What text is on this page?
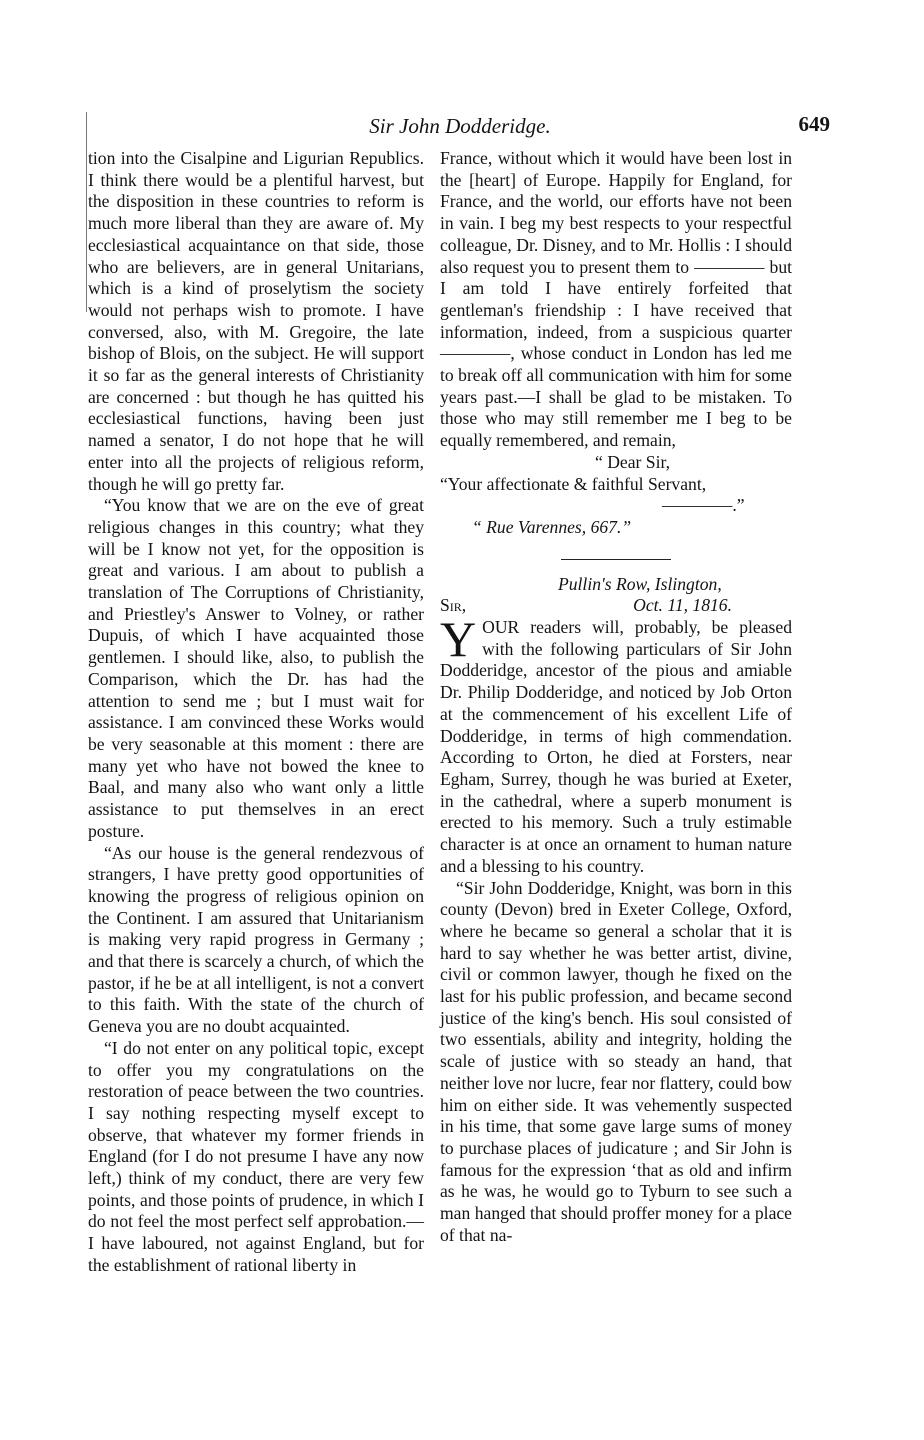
Sir John Dodderidge.	649

tion into the Cisalpine and Ligurian Republics. I think there would be a plentiful harvest, but the disposition in these countries to reform is much more liberal than they are aware of. My ecclesiastical acquaintance on that side, those who are believers, are in general Unitarians, which is a kind of proselytism the society would not perhaps wish to promote. I have conversed, also, with M. Gregoire, the late bishop of Blois, on the subject. He will support it so far as the general interests of Christianity are concerned : but though he has quitted his ecclesiastical functions, having been just named a senator, I do not hope that he will enter into all the projects of religious reform, though he will go pretty far.

“You know that we are on the eve of great religious changes in this country; what they will be I know not yet, for the opposition is great and various. I am about to publish a translation of The Corruptions of Christianity, and Priestley's Answer to Volney, or rather Dupuis, of which I have acquainted those gentlemen. I should like, also, to publish the Comparison, which the Dr. has had the attention to send me ; but I must wait for assistance. I am convinced these Works would be very seasonable at this moment : there are many yet who have not bowed the knee to Baal, and many also who want only a little assistance to put themselves in an erect posture.

“As our house is the general rendezvous of strangers, I have pretty good opportunities of knowing the progress of religious opinion on the Continent. I am assured that Unitarianism is making very rapid progress in Germany ; and that there is scarcely a church, of which the pastor, if he be at all intelligent, is not a convert to this faith. With the state of the church of Geneva you are no doubt acquainted.

“I do not enter on any political topic, except to offer you my congratulations on the restoration of peace between the two countries. I say nothing respecting myself except to observe, that whatever my former friends in England (for I do not presume I have any now left,) think of my conduct, there are very few points, and those points of prudence, in which I do not feel the most perfect self approbation.—I have laboured, not against England, but for the establishment of rational liberty in

France, without which it would have been lost in the [heart] of Europe. Happily for England, for France, and the world, our efforts have not been in vain. I beg my best respects to your respectful colleague, Dr. Disney, and to Mr. Hollis : I should also request you to present them to ———— but I am told I have entirely forfeited that gentleman's friendship : I have received that information, indeed, from a suspicious quarter ————, whose conduct in London has led me to break off all communication with him for some years past.—I shall be glad to be mistaken. To those who may still remember me I beg to be equally remembered, and remain,

“ Dear Sir,

“Your affectionate & faithful Servant,

————.”

“ Rue Varennes, 667.”

Pullin's Row, Islington,

Sir,	Oct. 11, 1816.

YOUR readers will, probably, be pleased with the following particulars of Sir John Dodderidge, ancestor of the pious and amiable Dr. Philip Dodderidge, and noticed by Job Orton at the commencement of his excellent Life of Dodderidge, in terms of high commendation. According to Orton, he died at Forsters, near Egham, Surrey, though he was buried at Exeter, in the cathedral, where a superb monument is erected to his memory. Such a truly estimable character is at once an ornament to human nature and a blessing to his country.

“Sir John Dodderidge, Knight, was born in this county (Devon) bred in Exeter College, Oxford, where he became so general a scholar that it is hard to say whether he was better artist, divine, civil or common lawyer, though he fixed on the last for his public profession, and became second justice of the king's bench. His soul consisted of two essentials, ability and integrity, holding the scale of justice with so steady an hand, that neither love nor lucre, fear nor flattery, could bow him on either side. It was vehemently suspected in his time, that some gave large sums of money to purchase places of judicature ; and Sir John is famous for the expression ‘that as old and infirm as he was, he would go to Tyburn to see such a man hanged that should proffer money for a place of that na-
